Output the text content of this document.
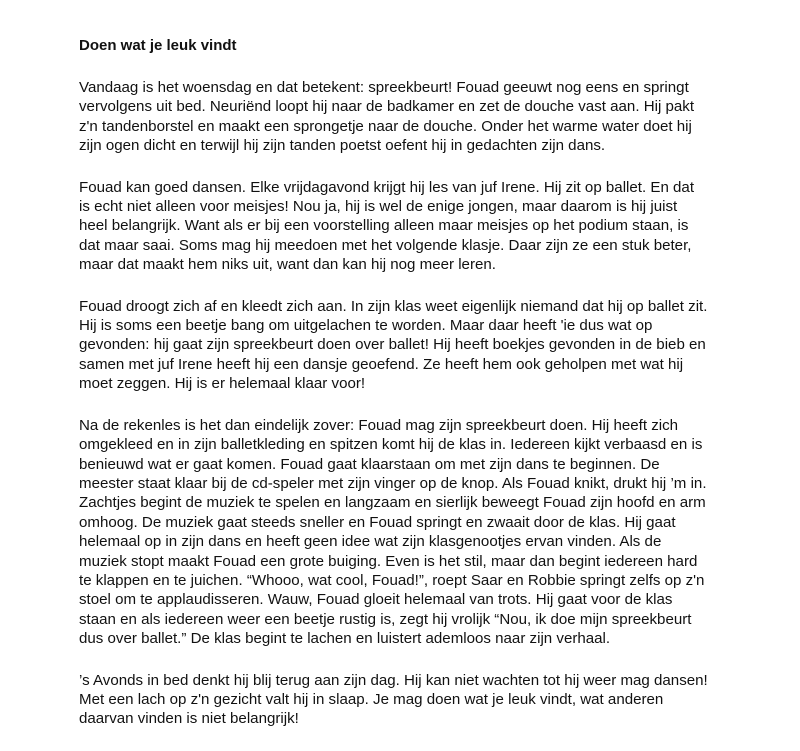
Doen wat je leuk vindt
Vandaag is het woensdag en dat betekent: spreekbeurt! Fouad geeuwt nog eens en springt
vervolgens uit bed. Neuriënd loopt hij naar de badkamer en zet de douche vast aan. Hij pakt
z'n tandenborstel en maakt een sprongetje naar de douche. Onder het warme water doet hij
zijn ogen dicht en terwijl hij zijn tanden poetst oefent hij in gedachten zijn dans.
Fouad kan goed dansen. Elke vrijdagavond krijgt hij les van juf Irene. Hij zit op ballet. En dat
is echt niet alleen voor meisjes! Nou ja, hij is wel de enige jongen, maar daarom is hij juist
heel belangrijk. Want als er bij een voorstelling alleen maar meisjes op het podium staan, is
dat maar saai. Soms mag hij meedoen met het volgende klasje. Daar zijn ze een stuk beter,
maar dat maakt hem niks uit, want dan kan hij nog meer leren.
Fouad droogt zich af en kleedt zich aan. In zijn klas weet eigenlijk niemand dat hij op ballet zit.
Hij is soms een beetje bang om uitgelachen te worden. Maar daar heeft 'ie dus wat op
gevonden: hij gaat zijn spreekbeurt doen over ballet! Hij heeft boekjes gevonden in de bieb en
samen met juf Irene heeft hij een dansje geoefend. Ze heeft hem ook geholpen met wat hij
moet zeggen. Hij is er helemaal klaar voor!
Na de rekenles is het dan eindelijk zover: Fouad mag zijn spreekbeurt doen. Hij heeft zich
omgekleed en in zijn balletkleding en spitzen komt hij de klas in. Iedereen kijkt verbaasd en is
benieuwd wat er gaat komen. Fouad gaat klaarstaan om met zijn dans te beginnen. De
meester staat klaar bij de cd-speler met zijn vinger op de knop. Als Fouad knikt, drukt hij ’m in.
Zachtjes begint de muziek te spelen en langzaam en sierlijk beweegt Fouad zijn hoofd en arm
omhoog. De muziek gaat steeds sneller en Fouad springt en zwaait door de klas. Hij gaat
helemaal op in zijn dans en heeft geen idee wat zijn klasgenootjes ervan vinden. Als de
muziek stopt maakt Fouad een grote buiging. Even is het stil, maar dan begint iedereen hard
te klappen en te juichen. “Whooo, wat cool, Fouad!”, roept Saar en Robbie springt zelfs op z'n
stoel om te applaudisseren. Wauw, Fouad gloeit helemaal van trots. Hij gaat voor de klas
staan en als iedereen weer een beetje rustig is, zegt hij vrolijk “Nou, ik doe mijn spreekbeurt
dus over ballet.” De klas begint te lachen en luistert ademloos naar zijn verhaal.
’s Avonds in bed denkt hij blij terug aan zijn dag. Hij kan niet wachten tot hij weer mag dansen!
Met een lach op z'n gezicht valt hij in slaap. Je mag doen wat je leuk vindt, wat anderen
daarvan vinden is niet belangrijk!
